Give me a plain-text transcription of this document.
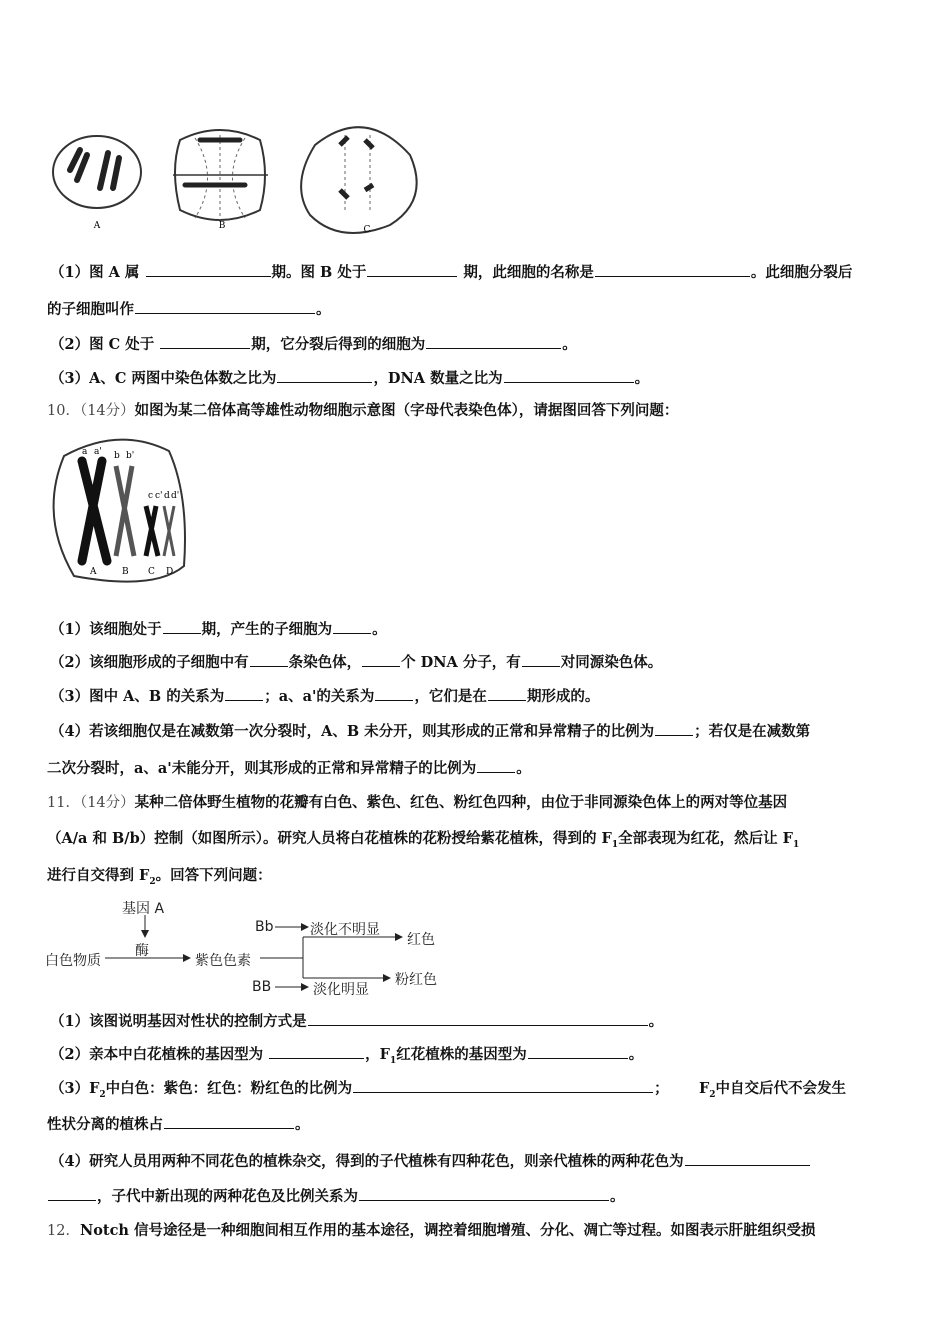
A	B	C
（1）图 A 属	期。图 B 处于	期，此细胞的名称是	。此细胞分裂后
的子细胞叫作	。
（2）图 C 处于	期，它分裂后得到的细胞为	。
（3）A、C 两图中染色体数之比为	，DNA 数量之比为	。
10．（14分）如图为某二倍体高等雄性动物细胞示意图（字母代表染色体），请据图回答下列问题：
a a' b b'
c c' d d'
A	B C D
（1）该细胞处于	期，产生的子细胞为	。
（2）该细胞形成的子细胞中有	条染色体，	个 DNA 分子，有	对同源染色体。
（3）图中 A、B 的关系为	；a、a'的关系为	，它们是在	期形成的。
（4）若该细胞仅是在减数第一次分裂时，A、B 未分开，则其形成的正常和异常精子的比例为	；若仅是在减数第
二次分裂时，a、a'未能分开，则其形成的正常和异常精子的比例为	。
11．（14分）某种二倍体野生植物的花瓣有白色、紫色、红色、粉红色四种，由位于非同源染色体上的两对等位基因
（A/a 和 B/b）控制（如图所示）。研究人员将白花植株的花粉授给紫花植株，得到的 $F_1$全部表现为红花，然后让 $F_1$
进行自交得到 $F_2$。回答下列问题：
基因 A
酶
白色物质	紫色色素
Bb	淡化不明显
红色
BB	淡化明显
粉红色
（1）该图说明基因对性状的控制方式是	。
（2）亲本中白花植株的基因型为	，$F_1$红花植株的基因型为	。
$(3)F_2$中白色：紫色：红色：粉红色的比例为	； $F_2$中自交后代不会发生
性状分离的植株占	。
（4）研究人员用两种不同花色的植株杂交，得到的子代植株有四种花色，则亲代植株的两种花色为
，子代中新出现的两种花色及比例关系为	。
12．Notch 信号途径是一种细胞间相互作用的基本途径，调控着细胞增殖、分化、凋亡等过程。如图表示肝脏组织受损
